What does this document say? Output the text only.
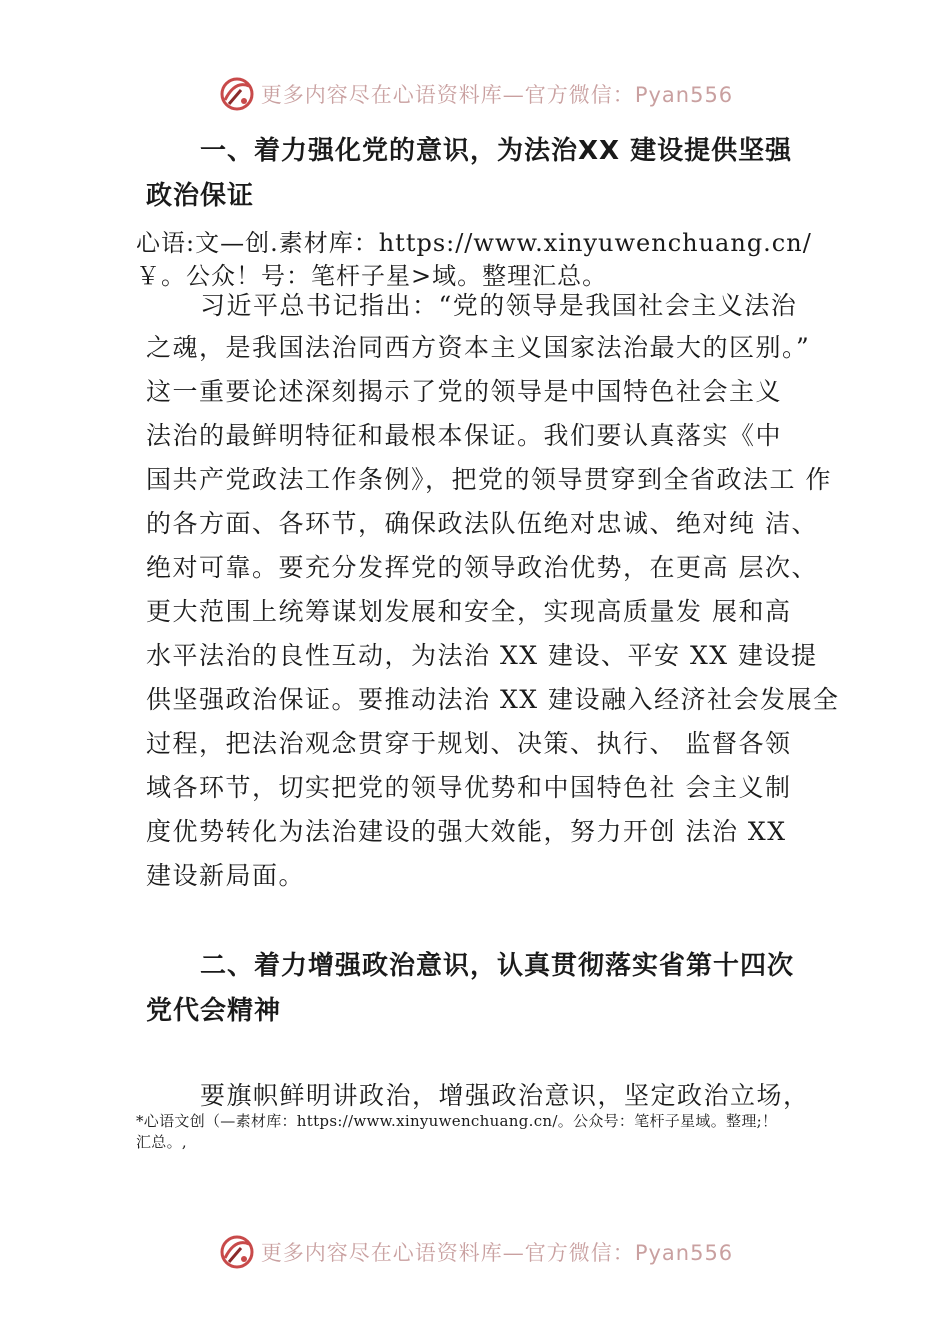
更多内容尽在心语资料库—官方微信：Pyan556
一、着力强化党的意识，为法治XX 建设提供坚强
政治保证
心语:文—创.素材库：https://www.xinyuwenchuang.cn/
￥。公众！号：笔杆子星>域。整理汇总。
习近平总书记指出：“党的领导是我国社会主义法治
之魂，是我国法治同西方资本主义国家法治最大的区别。”
这一重要论述深刻揭示了党的领导是中国特色社会主义
法治的最鲜明特征和最根本保证。我们要认真落实《中
国共产党政法工作条例》，把党的领导贯穿到全省政法工 作
的各方面、各环节，确保政法队伍绝对忠诚、绝对纯 洁、
绝对可靠。要充分发挥党的领导政治优势，在更高 层次、
更大范围上统筹谋划发展和安全，实现高质量发 展和高
水平法治的良性互动，为法治 XX 建设、平安 XX 建设提
供坚强政治保证。要推动法治 XX 建设融入经济社会发展全
过程，把法治观念贯穿于规划、决策、执行、 监督各领
域各环节，切实把党的领导优势和中国特色社 会主义制
度优势转化为法治建设的强大效能，努力开创 法治 XX
建设新局面。
二、着力增强政治意识，认真贯彻落实省第十四次
党代会精神
要旗帜鲜明讲政治，增强政治意识，坚定政治立场，
*心语文创（—素材库：https://www.xinyuwenchuang.cn/。公众号：笔杆子星域。整理;！
汇总。,
更多内容尽在心语资料库—官方微信：Pyan556
